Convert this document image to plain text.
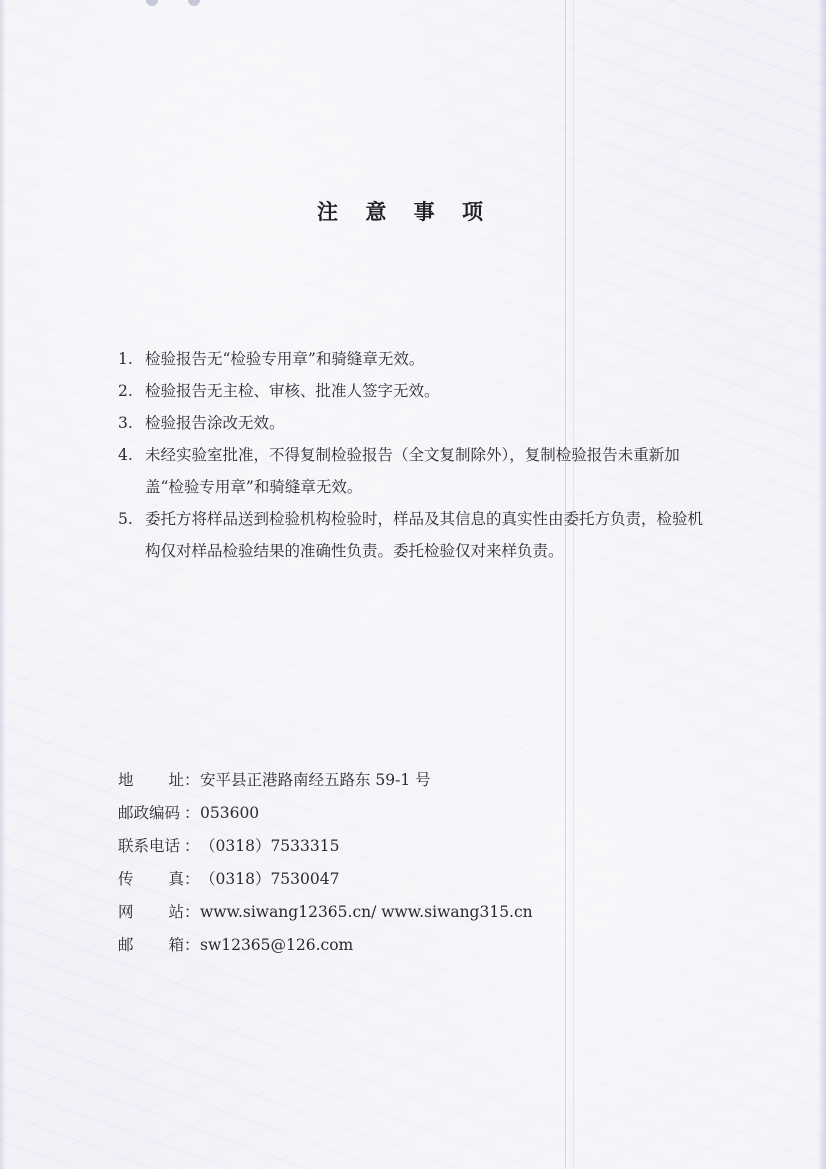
注 意 事 项
1. 检验报告无“检验专用章”和骑缝章无效。
2. 检验报告无主检、审核、批准人签字无效。
3. 检验报告涂改无效。
4. 未经实验室批准，不得复制检验报告（全文复制除外），复制检验报告未重新加盖“检验专用章”和骑缝章无效。
5. 委托方将样品送到检验机构检验时，样品及其信息的真实性由委托方负责，检验机构仅对样品检验结果的准确性负责。委托检验仅对来样负责。
地 址 ： 安平县正港路南经五路东 59-1 号
邮政编码 ： 053600
联系电话 ： （0318）7533315
传 真 ： （0318）7530047
网 站 ： www.siwang12365.cn/ www.siwang315.cn
邮 箱 ： sw12365@126.com
